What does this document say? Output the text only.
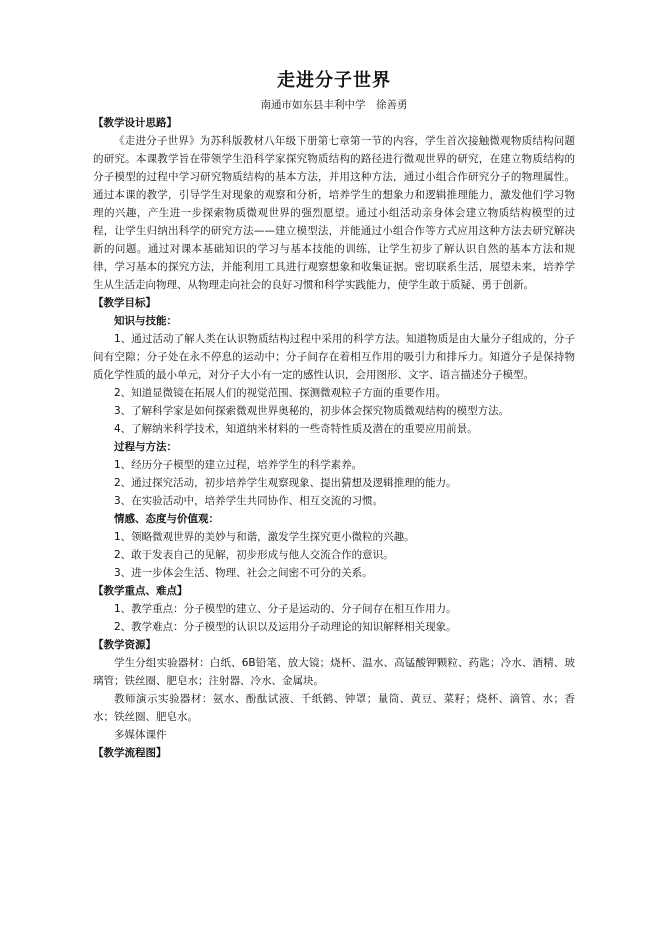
走进分子世界
南通市如东县丰利中学　徐善勇
【教学设计思路】

《走进分子世界》为苏科版教材八年级下册第七章第一节的内容，学生首次接触微观物质结构问题的研究。本课教学旨在带领学生沿科学家探究物质结构的路径进行微观世界的研究，在建立物质结构的分子模型的过程中学习研究物质结构的基本方法，并用这种方法，通过小组合作研究分子的物理属性。通过本课的教学，引导学生对现象的观察和分析，培养学生的想象力和逻辑推理能力，激发他们学习物理的兴趣，产生进一步探索物质微观世界的强烈愿望。通过小组活动亲身体会建立物质结构模型的过程，让学生归纳出科学的研究方法——建立模型法，并能通过小组合作等方式应用这种方法去研究解决新的问题。通过对课本基础知识的学习与基本技能的训练，让学生初步了解认识自然的基本方法和规律，学习基本的探究方法，并能利用工具进行观察想象和收集证据。密切联系生活，展望未来，培养学生从生活走向物理、从物理走向社会的良好习惯和科学实践能力，使学生敢于质疑、勇于创新。

【教学目标】
知识与技能：

1、通过活动了解人类在认识物质结构过程中采用的科学方法。知道物质是由大量分子组成的，分子间有空隙；分子处在永不停息的运动中；分子间存在着相互作用的吸引力和排斥力。知道分子是保持物质化学性质的最小单元，对分子大小有一定的感性认识，会用图形、文字、语言描述分子模型。

2、知道显微镜在拓展人们的视觉范围、探测微观粒子方面的重要作用。

3、了解科学家是如何探索微观世界奥秘的，初步体会探究物质微观结构的模型方法。

4、了解纳米科学技术，知道纳米材料的一些奇特性质及潜在的重要应用前景。

过程与方法：

1、经历分子模型的建立过程，培养学生的科学素养。

2、通过探究活动，初步培养学生观察现象、提出猜想及逻辑推理的能力。

3、在实验活动中，培养学生共同协作、相互交流的习惯。

情感、态度与价值观：

1、领略微观世界的美妙与和谐，激发学生探究更小微粒的兴趣。

2、敢于发表自己的见解，初步形成与他人交流合作的意识。

3、进一步体会生活、物理、社会之间密不可分的关系。

【教学重点、难点】

1、教学重点：分子模型的建立、分子是运动的、分子间存在相互作用力。

2、教学难点：分子模型的认识以及运用分子动理论的知识解释相关现象。

【教学资源】

学生分组实验器材：白纸、6B铅笔、放大镜；烧杯、温水、高锰酸钾颗粒、药匙；冷水、酒精、玻璃管；铁丝圈、肥皂水；注射器、冷水、金属块。

教师演示实验器材：氨水、酚酞试液、千纸鹤、钟罩；量筒、黄豆、菜籽；烧杯、滴管、水；香水；铁丝圈、肥皂水。

多媒体课件

【教学流程图】
